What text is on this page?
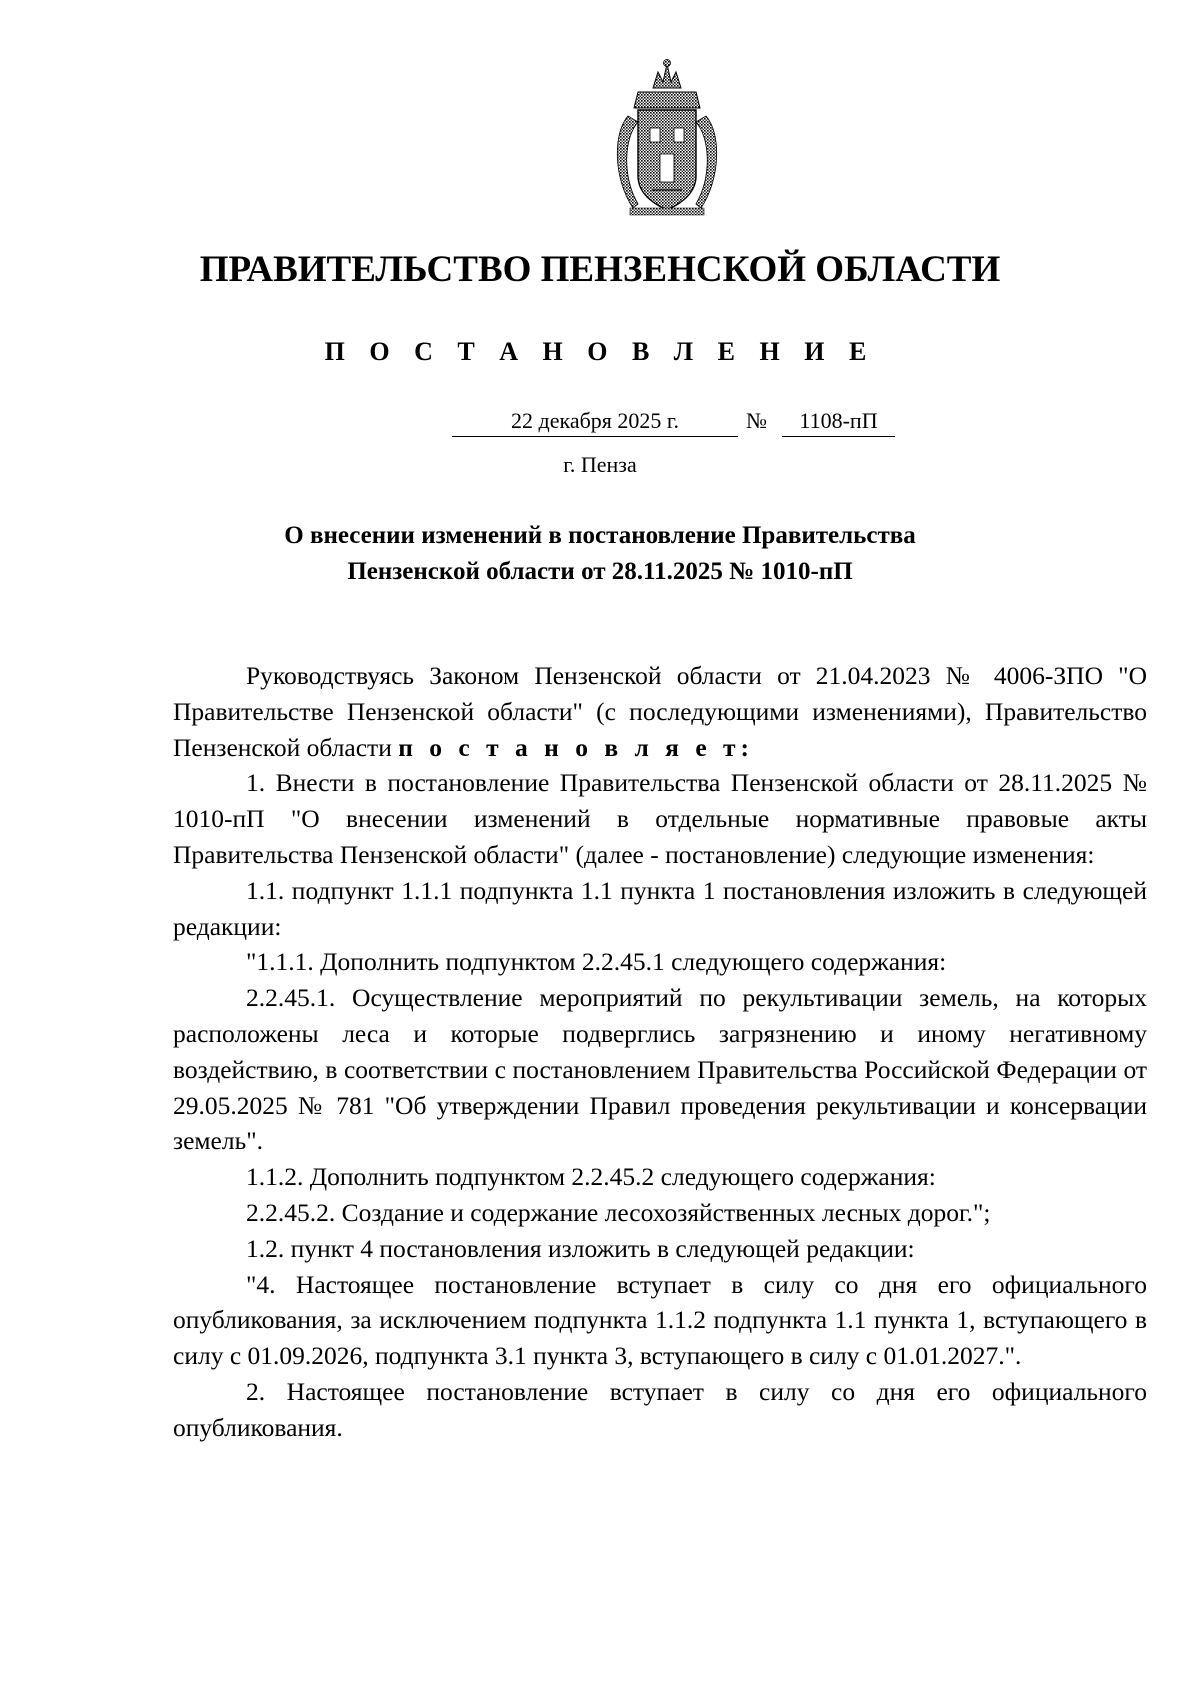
ПРАВИТЕЛЬСТВО ПЕНЗЕНСКОЙ ОБЛАСТИ
П О С Т А Н О В Л Е Н И Е
22 декабря 2025 г.	№	1108-пП
г. Пенза
О внесении изменений в постановление Правительства
Пензенской области от 28.11.2025 № 1010-пП

Руководствуясь Законом Пензенской области от 21.04.2023 № 4006-ЗПО "О Правительстве Пензенской области" (с последующими изменениями), Правительство Пензенской области п о с т а н о в л я е т:

1. Внести в постановление Правительства Пензенской области от 28.11.2025 № 1010-пП "О внесении изменений в отдельные нормативные правовые акты Правительства Пензенской области" (далее - постановление) следующие изменения:

1.1. подпункт 1.1.1 подпункта 1.1 пункта 1 постановления изложить в следующей редакции:

"1.1.1. Дополнить подпунктом 2.2.45.1 следующего содержания:

2.2.45.1. Осуществление мероприятий по рекультивации земель, на которых расположены леса и которые подверглись загрязнению и иному негативному воздействию, в соответствии с постановлением Правительства Российской Федерации от 29.05.2025 № 781 "Об утверждении Правил проведения рекультивации и консервации земель".

1.1.2. Дополнить подпунктом 2.2.45.2 следующего содержания:

2.2.45.2. Создание и содержание лесохозяйственных лесных дорог.";

1.2. пункт 4 постановления изложить в следующей редакции:

"4. Настоящее постановление вступает в силу со дня его официального опубликования, за исключением подпункта 1.1.2 подпункта 1.1 пункта 1, вступающего в силу с 01.09.2026, подпункта 3.1 пункта 3, вступающего в силу с 01.01.2027.".

2. Настоящее постановление вступает в силу со дня его официального опубликования.
